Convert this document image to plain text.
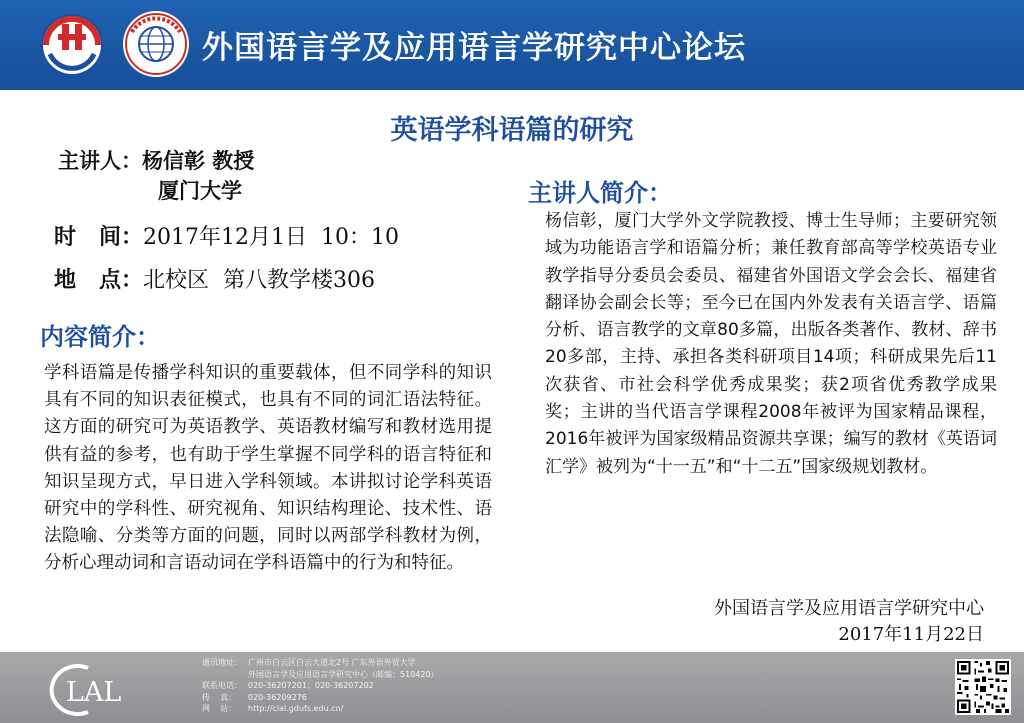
外国语言学及应用语言学研究中心论坛
英语学科语篇的研究
主讲人：杨信彰 教授
厦门大学
时   间：2017年12月1日  10：10
地   点：北校区  第八教学楼306
内容简介：
学科语篇是传播学科知识的重要载体，但不同学科的知识具有不同的知识表征模式，也具有不同的词汇语法特征。这方面的研究可为英语教学、英语教材编写和教材选用提供有益的参考，也有助于学生掌握不同学科的语言特征和知识呈现方式，早日进入学科领域。本讲拟讨论学科英语研究中的学科性、研究视角、知识结构理论、技术性、语法隐喻、分类等方面的问题，同时以两部学科教材为例，分析心理动词和言语动词在学科语篇中的行为和特征。
主讲人简介：
杨信彰，厦门大学外文学院教授、博士生导师；主要研究领域为功能语言学和语篇分析；兼任教育部高等学校英语专业教学指导分委员会委员、福建省外国语文学会会长、福建省翻译协会副会长等；至今已在国内外发表有关语言学、语篇分析、语言教学的文章80多篇，出版各类著作、教材、辞书20多部，主持、承担各类科研项目14项；科研成果先后11次获省、市社会科学优秀成果奖；获2项省优秀教学成果奖；主讲的当代语言学课程2008年被评为国家精品课程，2016年被评为国家级精品资源共享课；编写的教材《英语词汇学》被列为“十一五”和“十二五”国家级规划教材。
外国语言学及应用语言学研究中心
2017年11月22日
LAL
通讯地址： 广州市白云区白云大道北2号 广东外语外贸大学
外国语言学及应用语言学研究中心（邮编：510420）
联系电话： 020-36207201；020-36207202
传    真： 020-36209276
网    站： http://clal.gdufs.edu.cn/
